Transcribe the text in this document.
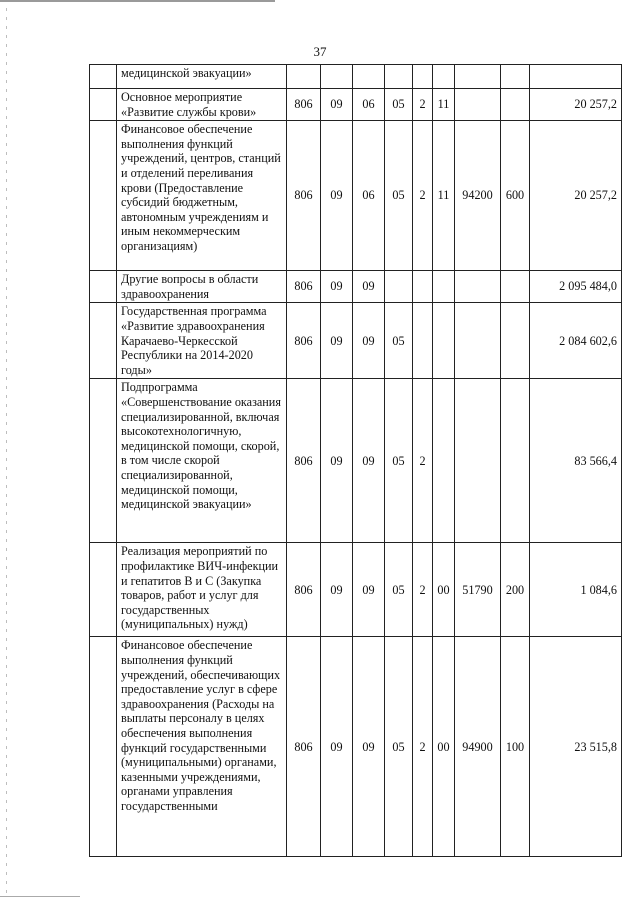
37
	медицинской эвакуации»									
	Основное мероприятие «Развитие службы крови»	806	09	06	05	2	11			20 257,2
	Финансовое обеспечение выполнения функций учреждений, центров, станций и отделений переливания крови (Предоставление субсидий бюджетным, автономным учреждениям и иным некоммерческим организациям)	806	09	06	05	2	11	94200	600	20 257,2
	Другие вопросы в области здравоохранения	806	09	09						2 095 484,0
	Государственная программа «Развитие здравоохранения Карачаево-Черкесской Республики на 2014-2020 годы»	806	09	09	05					2 084 602,6
	Подпрограмма «Совершенствование оказания специализированной, включая высокотехнологичную, медицинской помощи, скорой, в том числе скорой специализированной, медицинской помощи, медицинской эвакуации»	806	09	09	05	2				83 566,4
	Реализация мероприятий по профилактике ВИЧ-инфекции и гепатитов В и С (Закупка товаров, работ и услуг для государственных (муниципальных) нужд)	806	09	09	05	2	00	51790	200	1 084,6
	Финансовое обеспечение выполнения функций учреждений, обеспечивающих предоставление услуг в сфере здравоохранения (Расходы на выплаты персоналу в целях обеспечения выполнения функций государственными (муниципальными) органами, казенными учреждениями, органами управления государственными	806	09	09	05	2	00	94900	100	23 515,8
